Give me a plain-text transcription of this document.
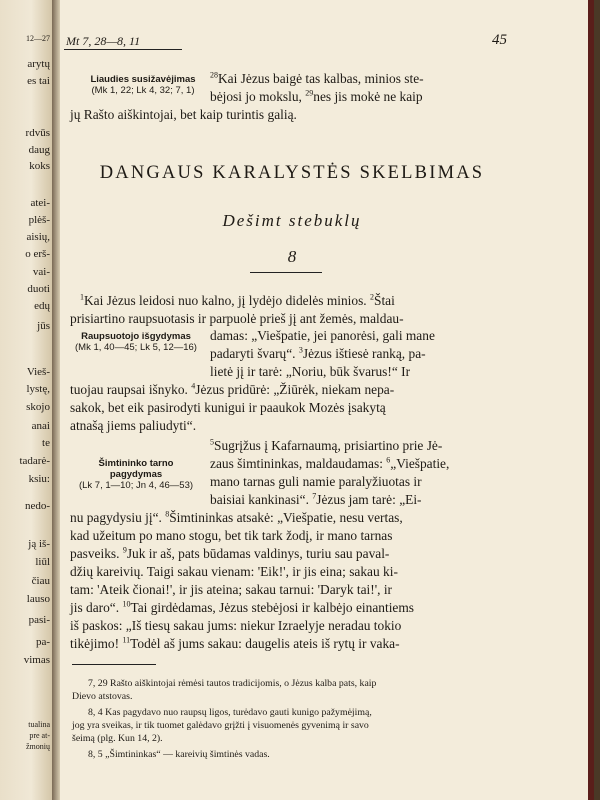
12—27
arytų
es tai
rdvūs
daug
koks
atei-
plėš-
aisių,
o erš-
vai-
duoti
edų
jūs
Vieš-
lystę,
skojo
anai
te
tadarė-
ksiu:
nedo-
ją iš-
liūl
čiau
lauso
pasi-
pa-
vimas
tualina
pre at-
žmonių
Mt 7, 28—8, 11	45
Liaudies susižavėjimas
(Mk 1, 22; Lk 4, 32; 7, 1)
$^{28}$Kai Jėzus baigė tas kalbas, minios ste-
bėjosi jo mokslu, $^{29}$nes jis mokė ne kaip
jų Rašto aiškintojai, bet kaip turintis galią.
DANGAUS KARALYSTĖS SKELBIMAS
Dešimt stebuklų
8
Raupsuotojo išgydymas
(Mk 1, 40—45; Lk 5, 12—16)
Šimtininko tarno pagydymas
(Lk 7, 1—10; Jn 4, 46—53)
$^1$Kai Jėzus leidosi nuo kalno, jį lydėjo didelės minios. $^2$Štai
prisiartino raupsuotasis ir parpuolė prieš jį ant žemės, maldau-
damas: „Viešpatie, jei panorėsi, gali mane
padaryti švarų“. $^3$Jėzus ištiesė ranką, pa-
lietė jį ir tarė: „Noriu, būk švarus!“ Ir
tuojau raupsai išnyko. $^4$Jėzus pridūrė: „Žiūrėk, niekam nepa-
sakok, bet eik pasirodyti kunigui ir paaukok Mozės įsakytą
atnašą jiems paliudyti“.
$^5$Sugrįžus į Kafarnaumą, prisiartino prie Jė-
zaus šimtininkas, maldaudamas: $^6$„Viešpatie,
mano tarnas guli namie paralyžiuotas ir
baisiai kankinasi“. $^7$Jėzus jam tarė: „Ei-
nu pagydysiu jį“. $^8$Šimtininkas atsakė: „Viešpatie, nesu vertas,
kad užeitum po mano stogu, bet tik tark žodį, ir mano tarnas
pasveiks. $^9$Juk ir aš, pats būdamas valdinys, turiu sau paval-
džių kareivių. Taigi sakau vienam: 'Eik!', ir jis eina; sakau ki-
tam: 'Ateik čionai!', ir jis ateina; sakau tarnui: 'Daryk tai!', ir
jis daro“. $^{10}$Tai girdėdamas, Jėzus stebėjosi ir kalbėjo einantiems
iš paskos: „Iš tiesų sakau jums: niekur Izraelyje neradau tokio
tikėjimo! $^{11}$Todėl aš jums sakau: daugelis ateis iš rytų ir vaka-
7, 29 Rašto aiškintojai rėmėsi tautos tradicijomis, o Jėzus kalba pats, kaip
Dievo atstovas.
8, 4 Kas pagydavo nuo raupsų ligos, turėdavo gauti kunigo pažymėjimą,
jog yra sveikas, ir tik tuomet galėdavo grįžti į visuomenės gyvenimą ir savo
šeimą (plg. Kun 14, 2).
8, 5 „Šimtininkas“ — kareivių šimtinės vadas.
